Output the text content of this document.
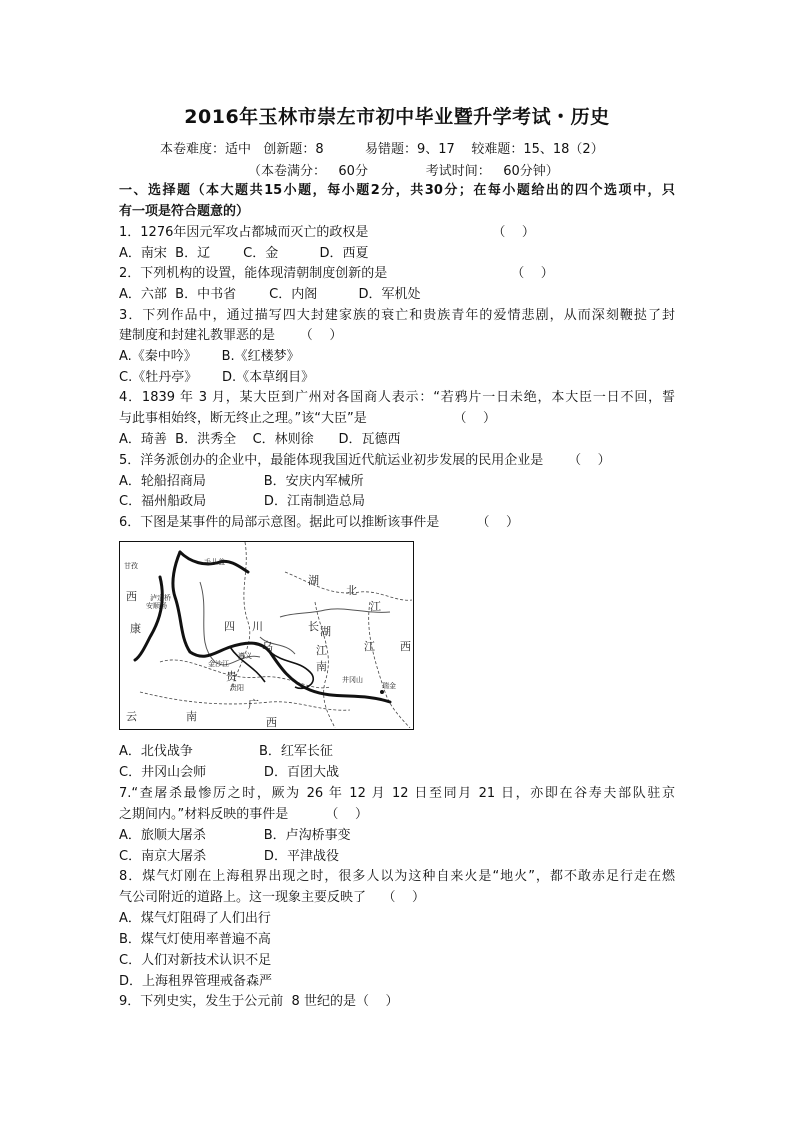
2016年玉林市崇左市初中毕业暨升学考试・历史
本卷难度：适中   创新题：8          易错题：9、17    较难题：15、18（2）
（本卷满分：   60分              考试时间：   60分钟）
一、选择题（本大题共15小题，每小题2分，共30分；在每小题给出的四个选项中，只
有一项是符合题意的）
1．1276年因元军攻占都城而灭亡的政权是                              （    ）
A．南宋  B．辽        C．金          D．西夏
2．下列机构的设置，能体现清朝制度创新的是                              （    ）
A．六部  B．中书省        C．内阁          D．军机处
3．下列作品中，通过描写四大封建家族的衰亡和贵族青年的爱情悲剧，从而深刻鞭挞了封
建制度和封建礼教罪恶的是      （    ）
A.《秦中吟》      B.《红楼梦》
C.《牡丹亭》      D.《本草纲目》
4．1839 年 3 月，某大臣到广州对各国商人表示：“若鸦片一日未绝，本大臣一日不回，誓
与此事相始终，断无终止之理。”该“大臣”是                     （    ）
A．琦善  B．洪秀全    C．林则徐      D．瓦德西
5．洋务派创办的企业中，最能体现我国近代航运业初步发展的民用企业是      （    ）
A．轮船招商局              B．安庆内军械所
C．福州船政局              D．江南制造总局
6．下图是某事件的局部示意图。据此可以推断该事件是         （    ）
湖
北
四 川	长
江
乌	江
湖
南
江 西
西
康
贵
云	南
广
西
毛儿盖
甘孜
泸定桥
安顺场
遵义
贵阳
金沙江
井冈山
瑞金
A．北伐战争                B．红军长征
C．井冈山会师              D．百团大战
7.“查屠杀最惨厉之时，厥为 26 年 12 月 12 日至同月 21 日，亦即在谷寿夫部队驻京
之期间内。”材料反映的事件是         （    ）
A．旅顺大屠杀              B．卢沟桥事变
C．南京大屠杀              D．平津战役
8．煤气灯刚在上海租界出现之时，很多人以为这种自来火是“地火”，都不敢赤足行走在燃
气公司附近的道路上。这一现象主要反映了    （    ）
A．煤气灯阻碍了人们出行
B．煤气灯使用率普遍不高
C．人们对新技术认识不足
D．上海租界管理戒备森严
9．下列史实，发生于公元前  8 世纪的是（    ）
